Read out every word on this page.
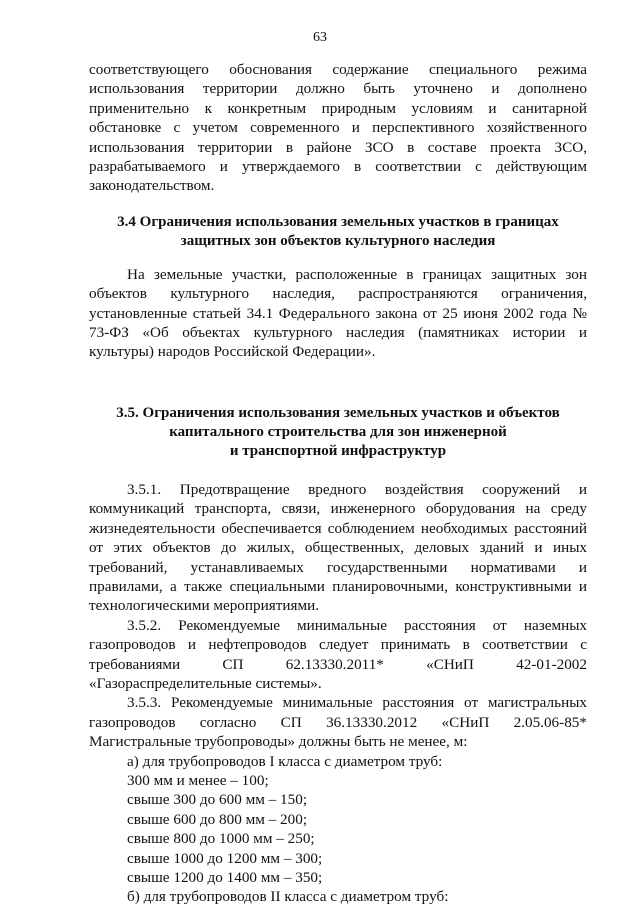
63

соответствующего обоснования содержание специального режима использования территории должно быть уточнено и дополнено применительно к конкретным природным условиям и санитарной обстановке с учетом современного и перспективного хозяйственного использования территории в районе ЗСО в составе проекта ЗСО, разрабатываемого и утверждаемого в соответствии с действующим законодательством.

3.4 Ограничения использования земельных участков в границах
защитных зон объектов культурного наследия

На земельные участки, расположенные в границах защитных зон объектов культурного наследия, распространяются ограничения, установленные статьей 34.1 Федерального закона от 25 июня 2002 года № 73-ФЗ «Об объектах культурного наследия (памятниках истории и культуры) народов Российской Федерации».

3.5. Ограничения использования земельных участков и объектов
капитального строительства для зон инженерной
и транспортной инфраструктур

3.5.1. Предотвращение вредного воздействия сооружений и коммуникаций транспорта, связи, инженерного оборудования на среду жизнедеятельности обеспечивается соблюдением необходимых расстояний от этих объектов до жилых, общественных, деловых зданий и иных требований, устанавливаемых государственными нормативами и правилами, а также специальными планировочными, конструктивными и технологическими мероприятиями.

3.5.2. Рекомендуемые минимальные расстояния от наземных газопроводов и нефтепроводов следует принимать в соответствии с требованиями СП 62.13330.2011* «СНиП 42-01-2002 «Газораспределительные системы».

3.5.3. Рекомендуемые минимальные расстояния от магистральных газопроводов согласно СП 36.13330.2012 «СНиП 2.05.06-85* Магистральные трубопроводы» должны быть не менее, м:

а) для трубопроводов I класса с диаметром труб:

300 мм и менее – 100;

свыше 300 до 600 мм – 150;

свыше 600 до 800 мм – 200;

свыше 800 до 1000 мм – 250;

свыше 1000 до 1200 мм – 300;

свыше 1200 до 1400 мм – 350;

б) для трубопроводов II класса с диаметром труб:
